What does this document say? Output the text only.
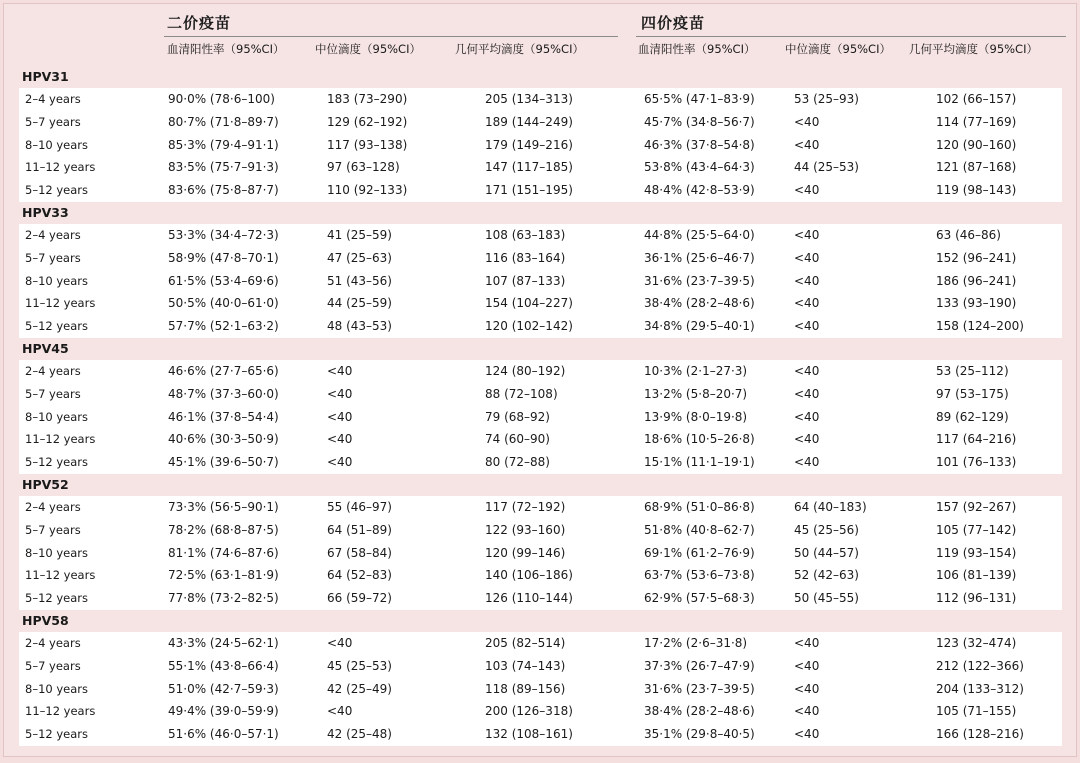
二价疫苗	四价疫苗
血清阳性率（95%CI）	中位滴度（95%CI）	几何平均滴度（95%CI）	血清阳性率（95%CI）	中位滴度（95%CI） 几何平均滴度（95%CI）
HPV31
2–4 years	90·0% (78·6–100)	183 (73–290)	205 (134–313)	65·5% (47·1–83·9)	53 (25–93)	102 (66–157)
5–7 years	80·7% (71·8–89·7)	129 (62–192)	189 (144–249)	45·7% (34·8–56·7)	<40	114 (77–169)
8–10 years	85·3% (79·4–91·1)	117 (93–138)	179 (149–216)	46·3% (37·8–54·8)	<40	120 (90–160)
11–12 years	83·5% (75·7–91·3)	97 (63–128)	147 (117–185)	53·8% (43·4–64·3)	44 (25–53)	121 (87–168)
5–12 years	83·6% (75·8–87·7)	110 (92–133)	171 (151–195)	48·4% (42·8–53·9)	<40	119 (98–143)
HPV33
2–4 years	53·3% (34·4–72·3)	41 (25–59)	108 (63–183)	44·8% (25·5–64·0)	<40	63 (46–86)
5–7 years	58·9% (47·8–70·1)	47 (25–63)	116 (83–164)	36·1% (25·6–46·7)	<40	152 (96–241)
8–10 years	61·5% (53·4–69·6)	51 (43–56)	107 (87–133)	31·6% (23·7–39·5)	<40	186 (96–241)
11–12 years	50·5% (40·0–61·0)	44 (25–59)	154 (104–227)	38·4% (28·2–48·6)	<40	133 (93–190)
5–12 years	57·7% (52·1–63·2)	48 (43–53)	120 (102–142)	34·8% (29·5–40·1)	<40	158 (124–200)
HPV45
2–4 years	46·6% (27·7–65·6)	<40	124 (80–192)	10·3% (2·1–27·3)	<40	53 (25–112)
5–7 years	48·7% (37·3–60·0)	<40	88 (72–108)	13·2% (5·8–20·7)	<40	97 (53–175)
8–10 years	46·1% (37·8–54·4)	<40	79 (68–92)	13·9% (8·0–19·8)	<40	89 (62–129)
11–12 years	40·6% (30·3–50·9)	<40	74 (60–90)	18·6% (10·5–26·8)	<40	117 (64–216)
5–12 years	45·1% (39·6–50·7)	<40	80 (72–88)	15·1% (11·1–19·1)	<40	101 (76–133)
HPV52
2–4 years	73·3% (56·5–90·1)	55 (46–97)	117 (72–192)	68·9% (51·0–86·8)	64 (40–183)	157 (92–267)
5–7 years	78·2% (68·8–87·5)	64 (51–89)	122 (93–160)	51·8% (40·8–62·7)	45 (25–56)	105 (77–142)
8–10 years	81·1% (74·6–87·6)	67 (58–84)	120 (99–146)	69·1% (61·2–76·9)	50 (44–57)	119 (93–154)
11–12 years	72·5% (63·1–81·9)	64 (52–83)	140 (106–186)	63·7% (53·6–73·8)	52 (42–63)	106 (81–139)
5–12 years	77·8% (73·2–82·5)	66 (59–72)	126 (110–144)	62·9% (57·5–68·3)	50 (45–55)	112 (96–131)
HPV58
2–4 years	43·3% (24·5–62·1)	<40	205 (82–514)	17·2% (2·6–31·8)	<40	123 (32–474)
5–7 years	55·1% (43·8–66·4)	45 (25–53)	103 (74–143)	37·3% (26·7–47·9)	<40	212 (122–366)
8–10 years	51·0% (42·7–59·3)	42 (25–49)	118 (89–156)	31·6% (23·7–39·5)	<40	204 (133–312)
11–12 years	49·4% (39·0–59·9)	<40	200 (126–318)	38·4% (28·2–48·6)	<40	105 (71–155)
5–12 years	51·6% (46·0–57·1)	42 (25–48)	132 (108–161)	35·1% (29·8–40·5)	<40	166 (128–216)
